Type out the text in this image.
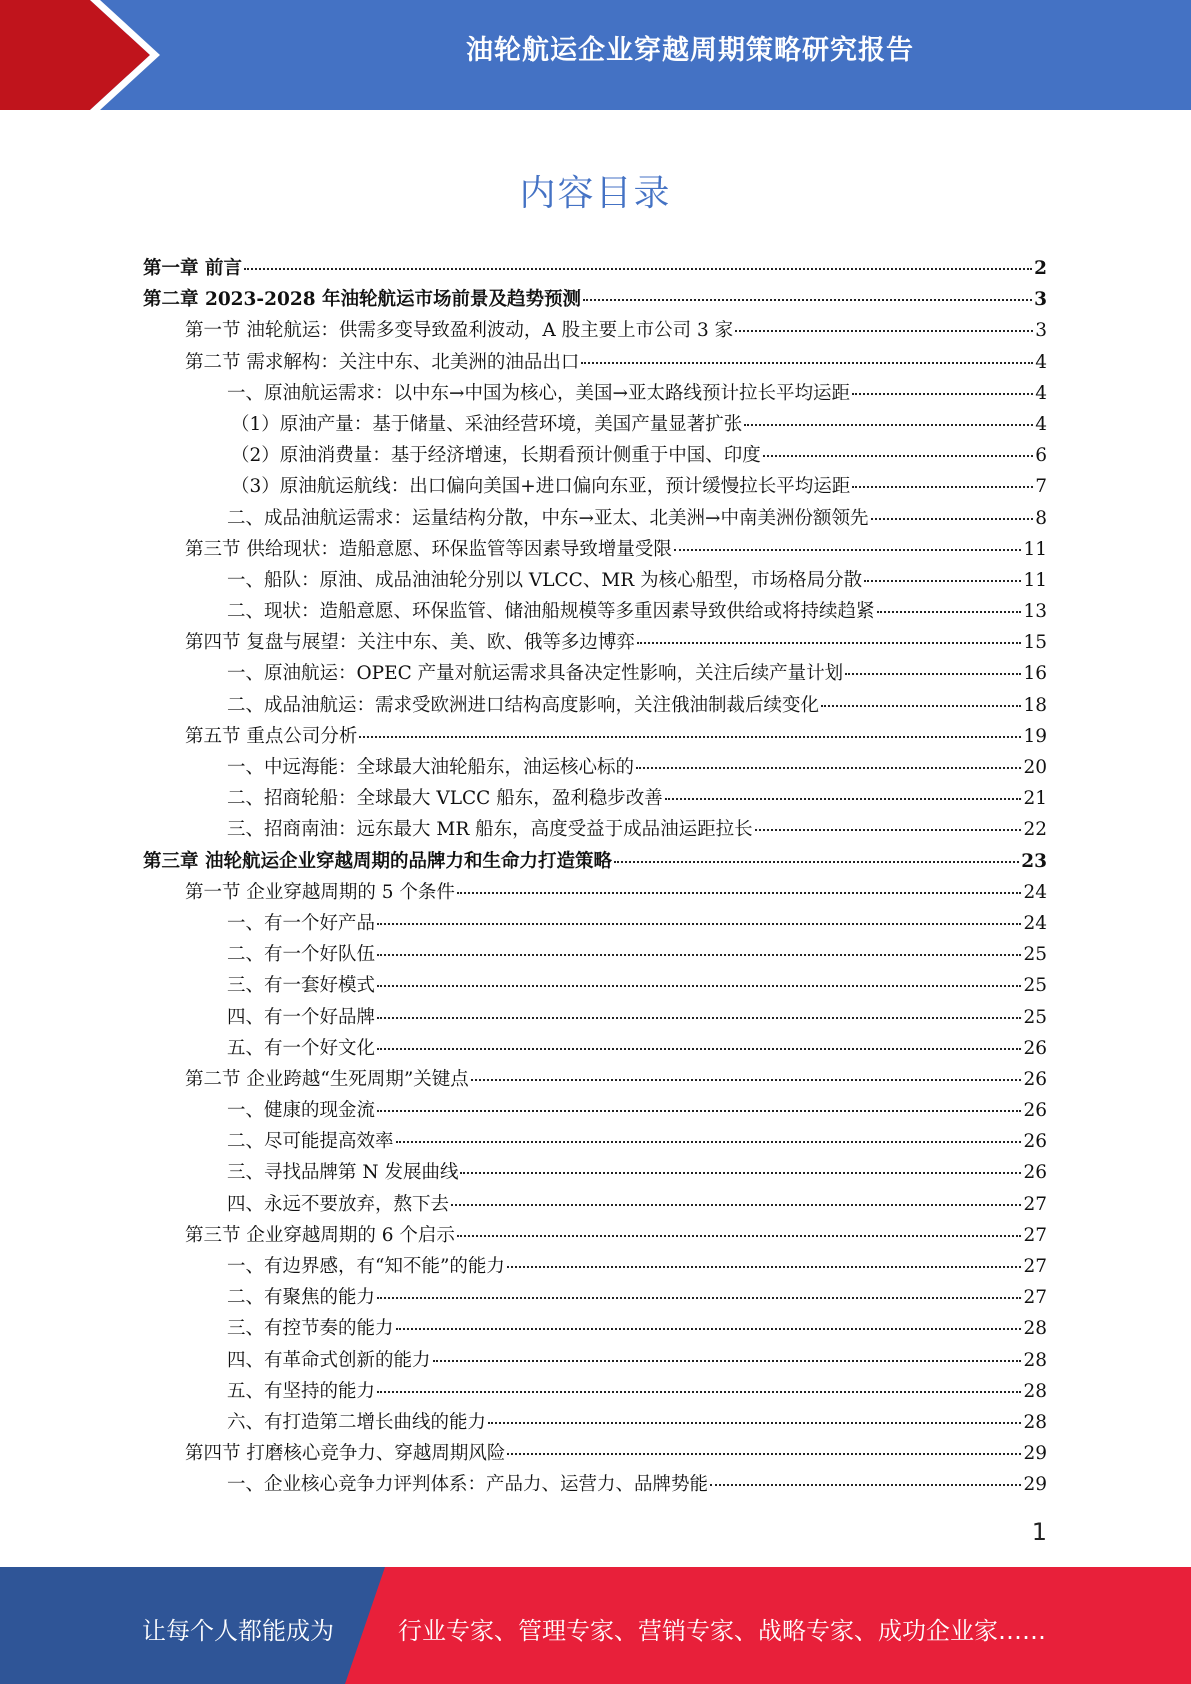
油轮航运企业穿越周期策略研究报告
内容目录
第一章 前言	2
第二章 2023-2028 年油轮航运市场前景及趋势预测	3
第一节 油轮航运：供需多变导致盈利波动，A 股主要上市公司 3 家	3
第二节 需求解构：关注中东、北美洲的油品出口	4
一、原油航运需求：以中东→中国为核心，美国→亚太路线预计拉长平均运距	4
（1）原油产量：基于储量、采油经营环境，美国产量显著扩张	4
（2）原油消费量：基于经济增速，长期看预计侧重于中国、印度	6
（3）原油航运航线：出口偏向美国+进口偏向东亚，预计缓慢拉长平均运距	7
二、成品油航运需求：运量结构分散，中东→亚太、北美洲→中南美洲份额领先	8
第三节 供给现状：造船意愿、环保监管等因素导致增量受限	11
一、船队：原油、成品油油轮分别以 VLCC、MR 为核心船型，市场格局分散	11
二、现状：造船意愿、环保监管、储油船规模等多重因素导致供给或将持续趋紧	13
第四节 复盘与展望：关注中东、美、欧、俄等多边博弈	15
一、原油航运：OPEC 产量对航运需求具备决定性影响，关注后续产量计划	16
二、成品油航运：需求受欧洲进口结构高度影响，关注俄油制裁后续变化	18
第五节 重点公司分析	19
一、中远海能：全球最大油轮船东，油运核心标的	20
二、招商轮船：全球最大 VLCC 船东，盈利稳步改善	21
三、招商南油：远东最大 MR 船东，高度受益于成品油运距拉长	22
第三章 油轮航运企业穿越周期的品牌力和生命力打造策略	23
第一节 企业穿越周期的 5 个条件	24
一、有一个好产品	24
二、有一个好队伍	25
三、有一套好模式	25
四、有一个好品牌	25
五、有一个好文化	26
第二节 企业跨越“生死周期”关键点	26
一、健康的现金流	26
二、尽可能提高效率	26
三、寻找品牌第 N 发展曲线	26
四、永远不要放弃，熬下去	27
第三节 企业穿越周期的 6 个启示	27
一、有边界感，有“知不能”的能力	27
二、有聚焦的能力	27
三、有控节奏的能力	28
四、有革命式创新的能力	28
五、有坚持的能力	28
六、有打造第二增长曲线的能力	28
第四节 打磨核心竞争力、穿越周期风险	29
一、企业核心竞争力评判体系：产品力、运营力、品牌势能	29
1
让每个人都能成为	行业专家、管理专家、营销专家、战略专家、成功企业家……
